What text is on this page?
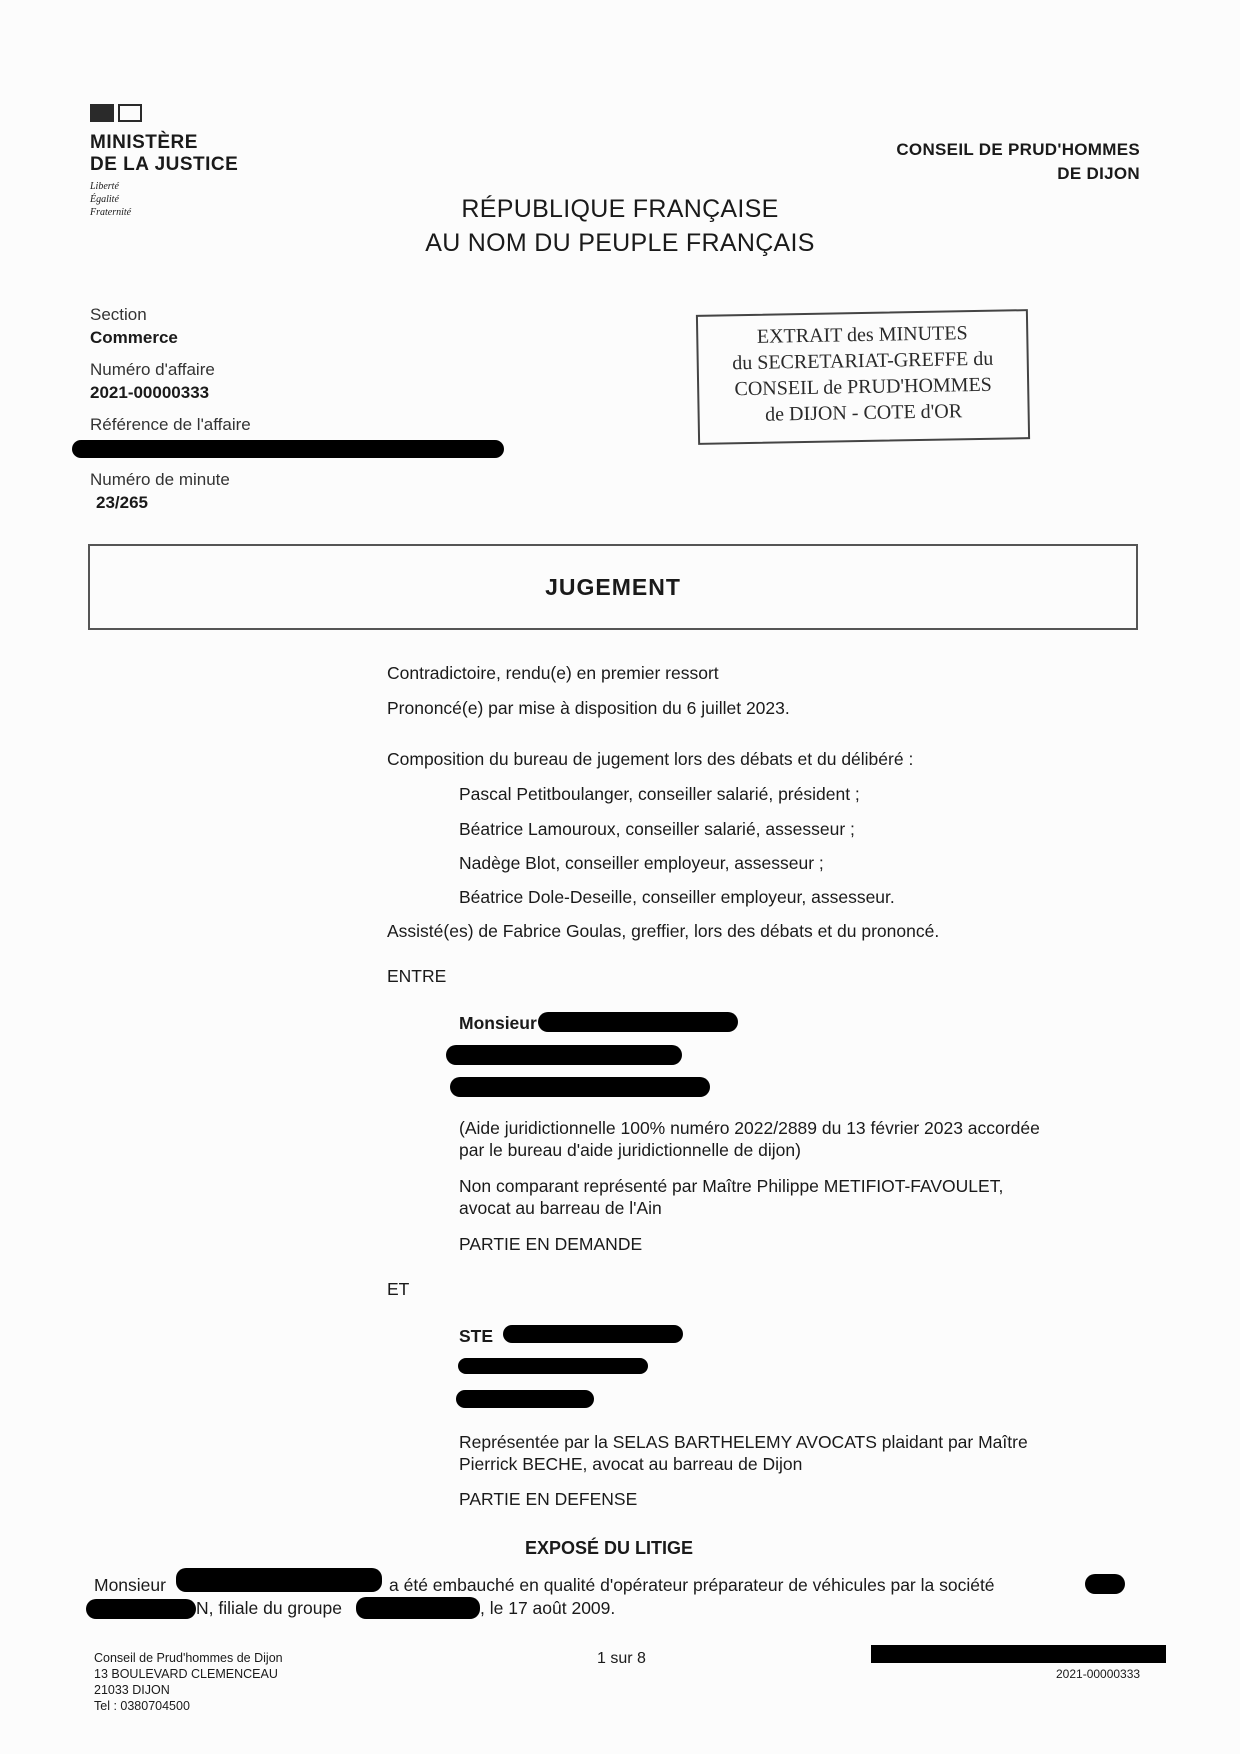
MINISTÈRE
DE LA JUSTICE
Liberté
Égalité
Fraternité
CONSEIL DE PRUD'HOMMES
DE DIJON
RÉPUBLIQUE FRANÇAISE
AU NOM DU PEUPLE FRANÇAIS
Section
Commerce
Numéro d'affaire
2021-00000333
Référence de l'affaire
Numéro de minute
23/265
EXTRAIT des MINUTES
du SECRETARIAT-GREFFE du
CONSEIL de PRUD'HOMMES
de DIJON - COTE d'OR
JUGEMENT
Contradictoire, rendu(e) en premier ressort
Prononcé(e) par mise à disposition du 6 juillet 2023.
Composition du bureau de jugement lors des débats et du délibéré :
Pascal Petitboulanger, conseiller salarié, président ;
Béatrice Lamouroux, conseiller salarié, assesseur ;
Nadège Blot, conseiller employeur, assesseur ;
Béatrice Dole-Deseille, conseiller employeur, assesseur.
Assisté(es) de Fabrice Goulas, greffier, lors des débats et du prononcé.
ENTRE
Monsieur
(Aide juridictionnelle 100% numéro 2022/2889 du 13 février 2023 accordée
par le bureau d'aide juridictionnelle de dijon)
Non comparant représenté par Maître Philippe METIFIOT-FAVOULET,
avocat au barreau de l'Ain
PARTIE EN DEMANDE
ET
STE
Représentée par la SELAS BARTHELEMY AVOCATS plaidant par Maître
Pierrick BECHE, avocat au barreau de Dijon
PARTIE EN DEFENSE
EXPOSÉ DU LITIGE
Monsieur	a été embauché en qualité d'opérateur préparateur de véhicules par la société
N, filiale du groupe	, le 17 août 2009.
Conseil de Prud'hommes de Dijon
13 BOULEVARD CLEMENCEAU
21033 DIJON
Tel : 0380704500
1 sur 8
2021-00000333
